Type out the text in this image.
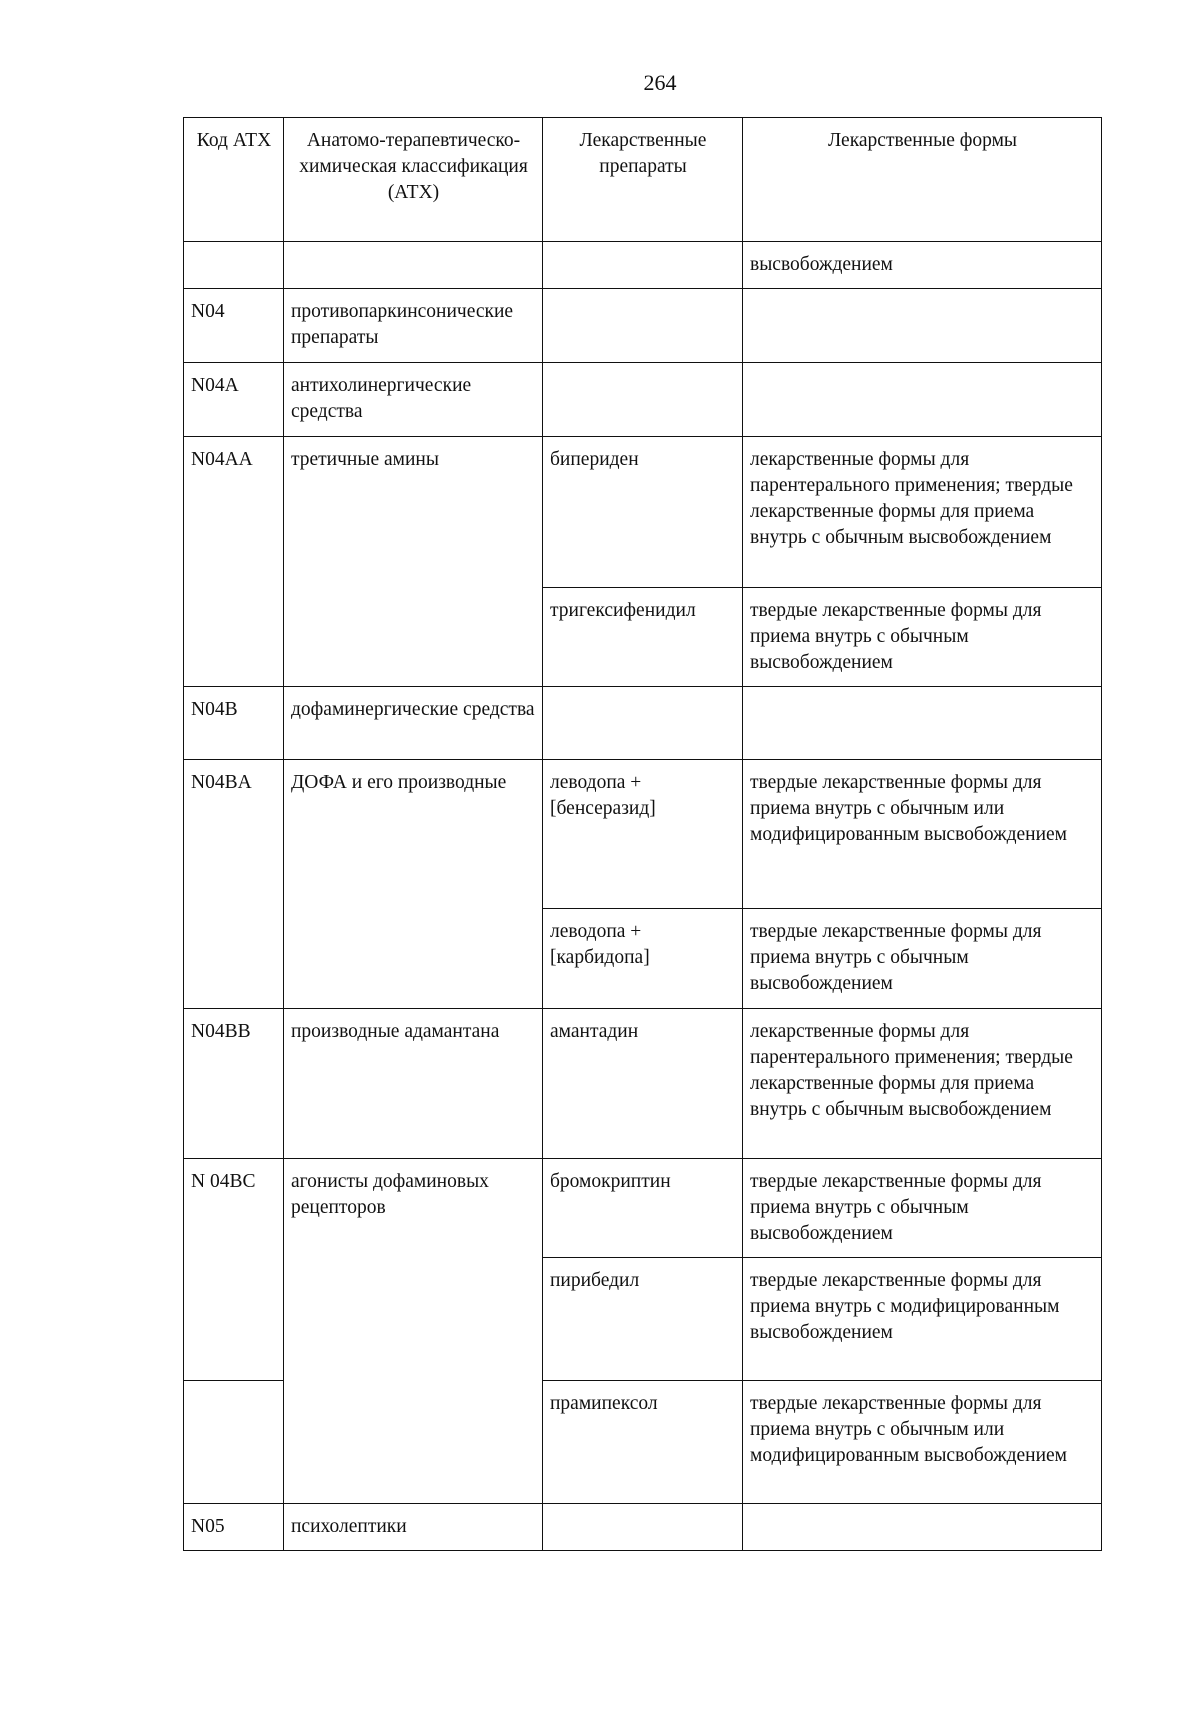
264
Код АТХ	Анатомо-терапевтическо-химическая классификация (АТХ)	Лекарственные препараты	Лекарственные формы
			высвобождением
N04	противопаркинсонические препараты		
N04A	антихолинергические средства		
N04AA	третичные амины	бипериден	лекарственные формы для парентерального применения; твердые лекарственные формы для приема внутрь с обычным высвобождением
		тригексифенидил	твердые лекарственные формы для приема внутрь с обычным высвобождением
N04B	дофаминергические средства		
N04BA	ДОФА и его производные	леводопа + [бенсеразид]	твердые лекарственные формы для приема внутрь с обычным или модифицированным высвобождением
		леводопа + [карбидопа]	твердые лекарственные формы для приема внутрь с обычным высвобождением
N04BB	производные адамантана	амантадин	лекарственные формы для парентерального применения; твердые лекарственные формы для приема внутрь с обычным высвобождением
N 04BC	агонисты дофаминовых рецепторов	бромокриптин	твердые лекарственные формы для приема внутрь с обычным высвобождением
		пирибедил	твердые лекарственные формы для приема внутрь с модифицированным высвобождением
		прамипексол	твердые лекарственные формы для приема внутрь с обычным или модифицированным высвобождением
N05	психолептики		
